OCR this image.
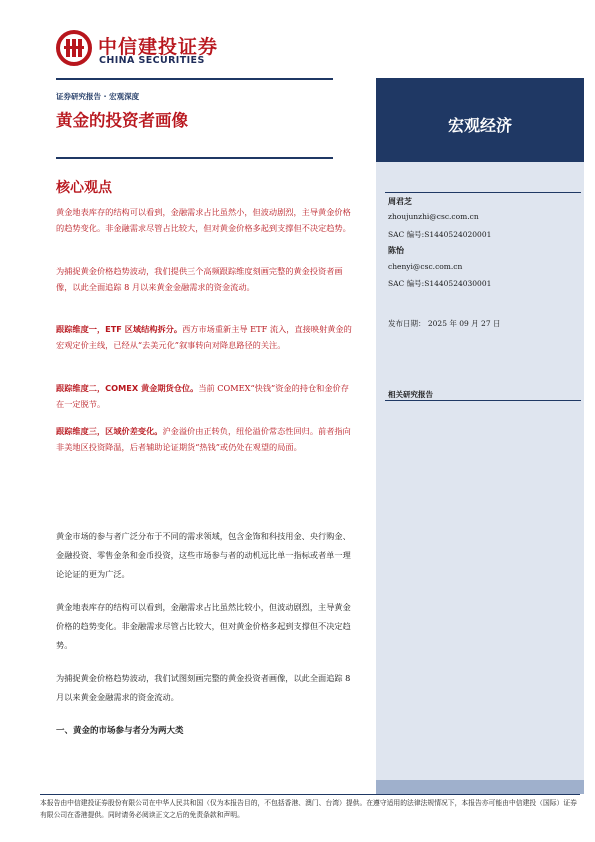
中信建投证券
CHINA SECURITIES
证券研究报告 · 宏观深度
黄金的投资者画像	宏观经济
周君芝
zhoujunzhi@csc.com.cn
SAC 编号:S1440524020001
陈怡
chenyi@csc.com.cn
SAC 编号:S1440524030001
发布日期： 2025 年 09 月 27 日
相关研究报告
核心观点
黄金地表库存的结构可以看到，金融需求占比虽然小，但波动剧烈，主导黄金价格的趋势变化。非金融需求尽管占比较大，但对黄金价格多起到支撑但不决定趋势。
为捕捉黄金价格趋势波动，我们提供三个高频跟踪维度刻画完整的黄金投资者画像，以此全面追踪 8 月以来黄金金融需求的资金流动。
跟踪维度一，ETF 区域结构拆分。西方市场重新主导 ETF 流入，直接映射黄金的宏观定价主线，已经从“去美元化”叙事转向对降息路径的关注。
跟踪维度二，COMEX 黄金期货仓位。当前 COMEX“快钱”资金的持仓和金价存在一定脱节。
跟踪维度三，区域价差变化。沪金溢价由正转负，纽伦溢价常态性回归。前者指向非美地区投资降温，后者辅助论证期货“热钱”或仍处在观望的局面。
黄金市场的参与者广泛分布于不同的需求领域，包含金饰和科技用金、央行购金、金融投资、零售金条和金币投资，这些市场参与者的动机远比单一指标或者单一理论论证的更为广泛。
黄金地表库存的结构可以看到，金融需求占比虽然比较小，但波动剧烈，主导黄金价格的趋势变化。非金融需求尽管占比较大，但对黄金价格多起到支撑但不决定趋势。
为捕捉黄金价格趋势波动，我们试图刻画完整的黄金投资者画像，以此全面追踪 8 月以来黄金金融需求的资金流动。
一、黄金的市场参与者分为两大类
本报告由中信建投证券股份有限公司在中华人民共和国（仅为本报告目的，不包括香港、澳门、台湾）提供。在遵守适用的法律法规情况下，本报告亦可能由中信建投（国际）证券有限公司在香港提供。同时请务必阅读正文之后的免责条款和声明。
